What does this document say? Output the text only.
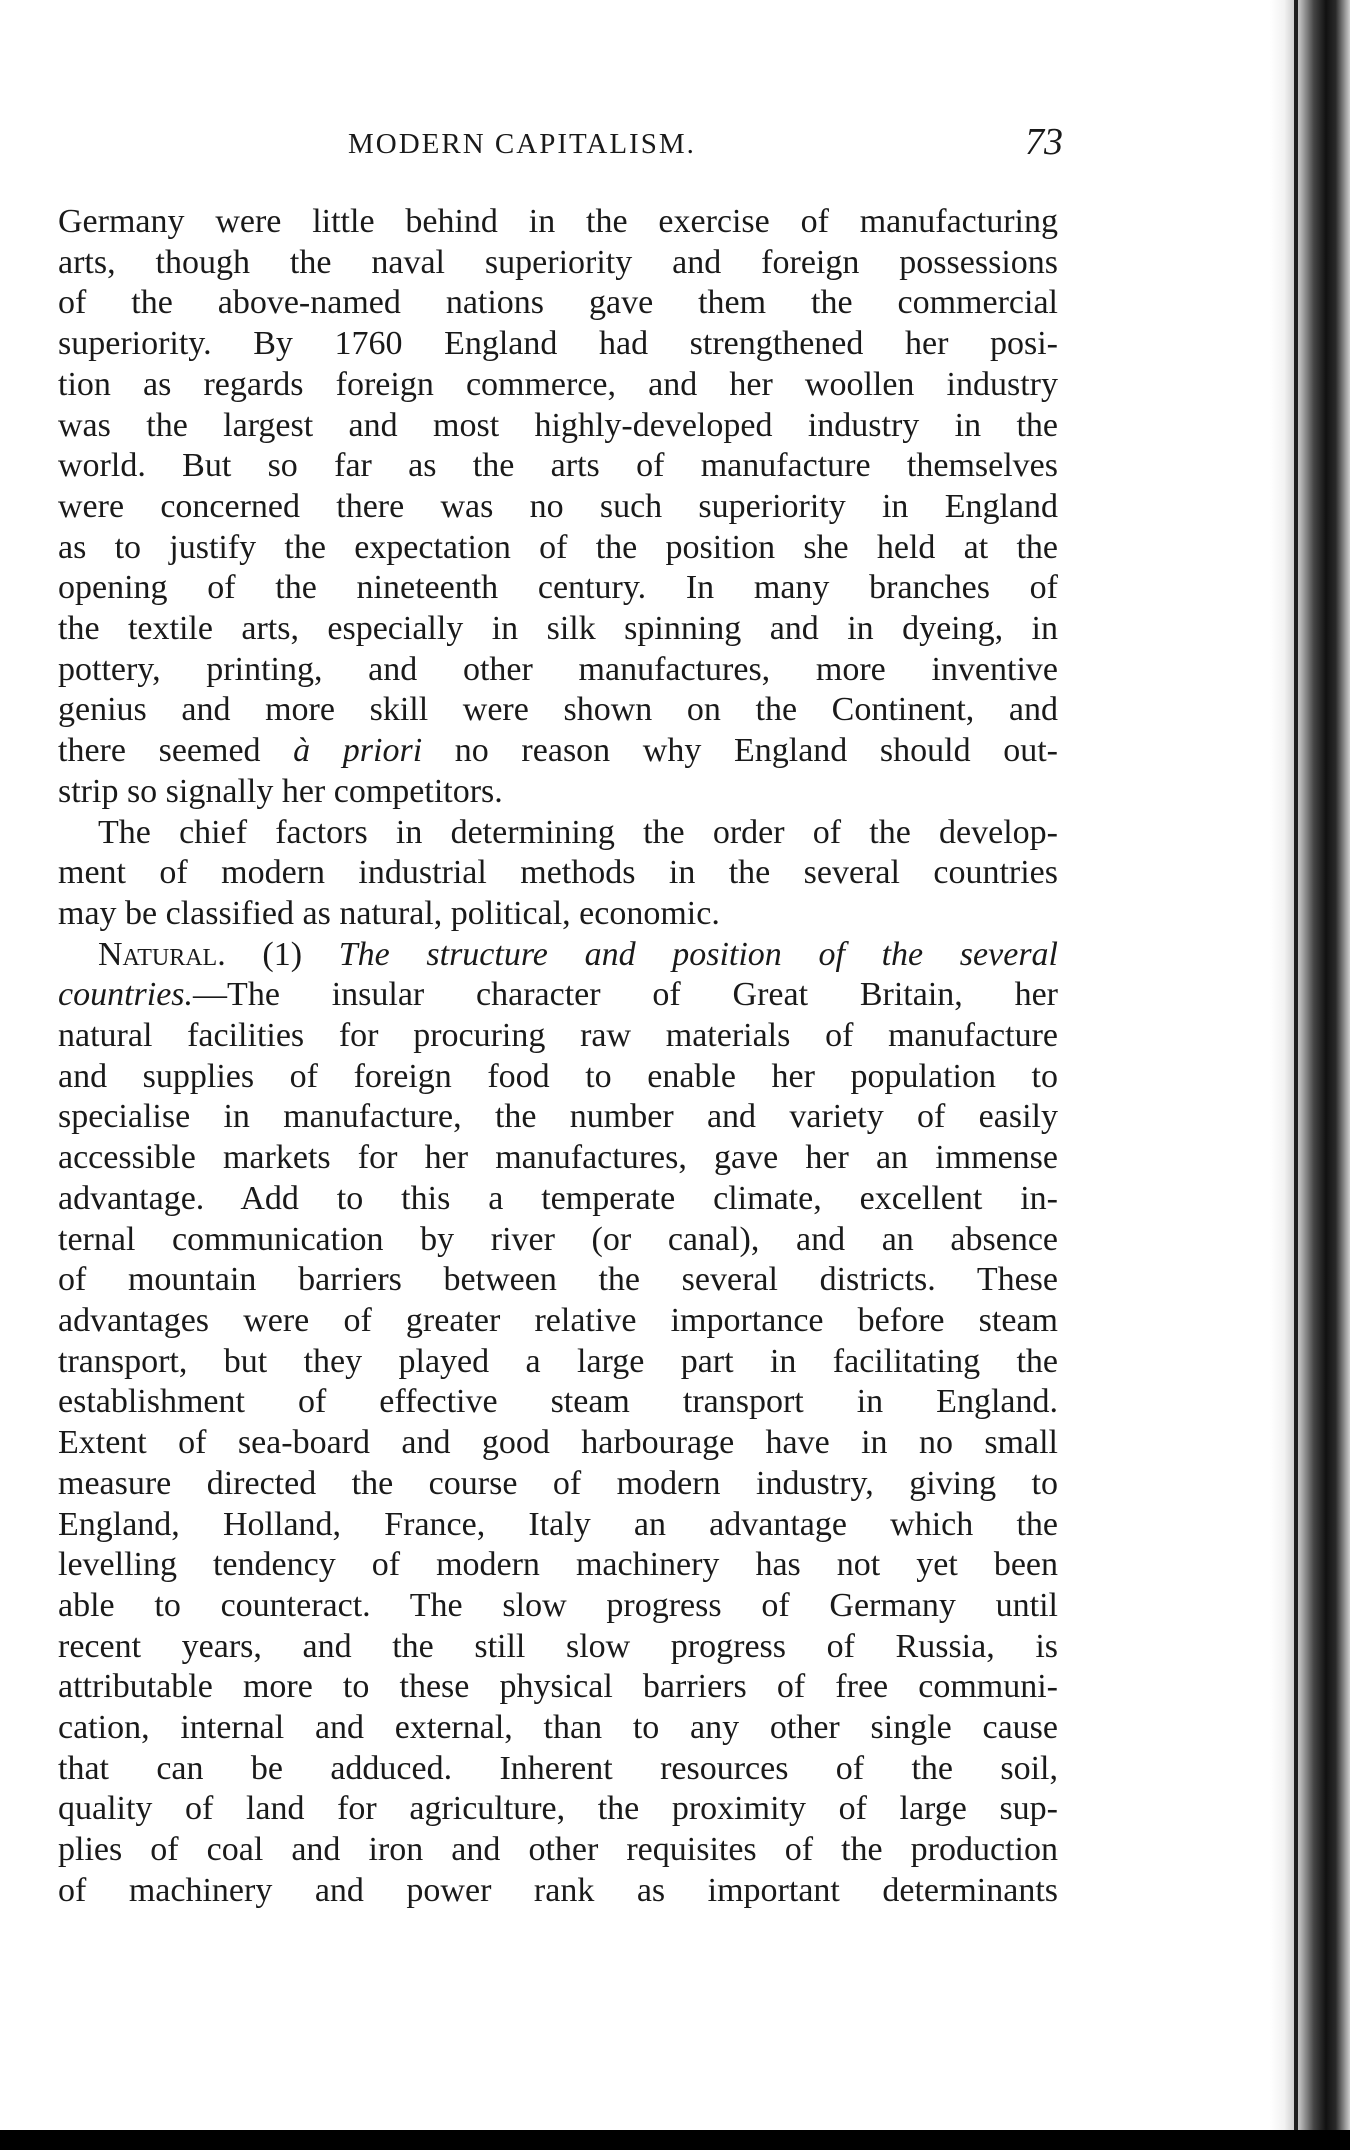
MODERN CAPITALISM.	73
Germany were little behind in the exercise of manufacturing
arts, though the naval superiority and foreign possessions
of the above-named nations gave them the commercial
superiority. By 1760 England had strengthened her posi-
tion as regards foreign commerce, and her woollen industry
was the largest and most highly-developed industry in the
world. But so far as the arts of manufacture themselves
were concerned there was no such superiority in England
as to justify the expectation of the position she held at the
opening of the nineteenth century. In many branches of
the textile arts, especially in silk spinning and in dyeing, in
pottery, printing, and other manufactures, more inventive
genius and more skill were shown on the Continent, and
there seemed à priori no reason why England should out-
strip so signally her competitors.
The chief factors in determining the order of the develop-
ment of modern industrial methods in the several countries
may be classified as natural, political, economic.
Natural. (1) The structure and position of the several
countries.—The insular character of Great Britain, her
natural facilities for procuring raw materials of manufacture
and supplies of foreign food to enable her population to
specialise in manufacture, the number and variety of easily
accessible markets for her manufactures, gave her an immense
advantage. Add to this a temperate climate, excellent in-
ternal communication by river (or canal), and an absence
of mountain barriers between the several districts. These
advantages were of greater relative importance before steam
transport, but they played a large part in facilitating the
establishment of effective steam transport in England.
Extent of sea-board and good harbourage have in no small
measure directed the course of modern industry, giving to
England, Holland, France, Italy an advantage which the
levelling tendency of modern machinery has not yet been
able to counteract. The slow progress of Germany until
recent years, and the still slow progress of Russia, is
attributable more to these physical barriers of free communi-
cation, internal and external, than to any other single cause
that can be adduced. Inherent resources of the soil,
quality of land for agriculture, the proximity of large sup-
plies of coal and iron and other requisites of the production
of machinery and power rank as important determinants
